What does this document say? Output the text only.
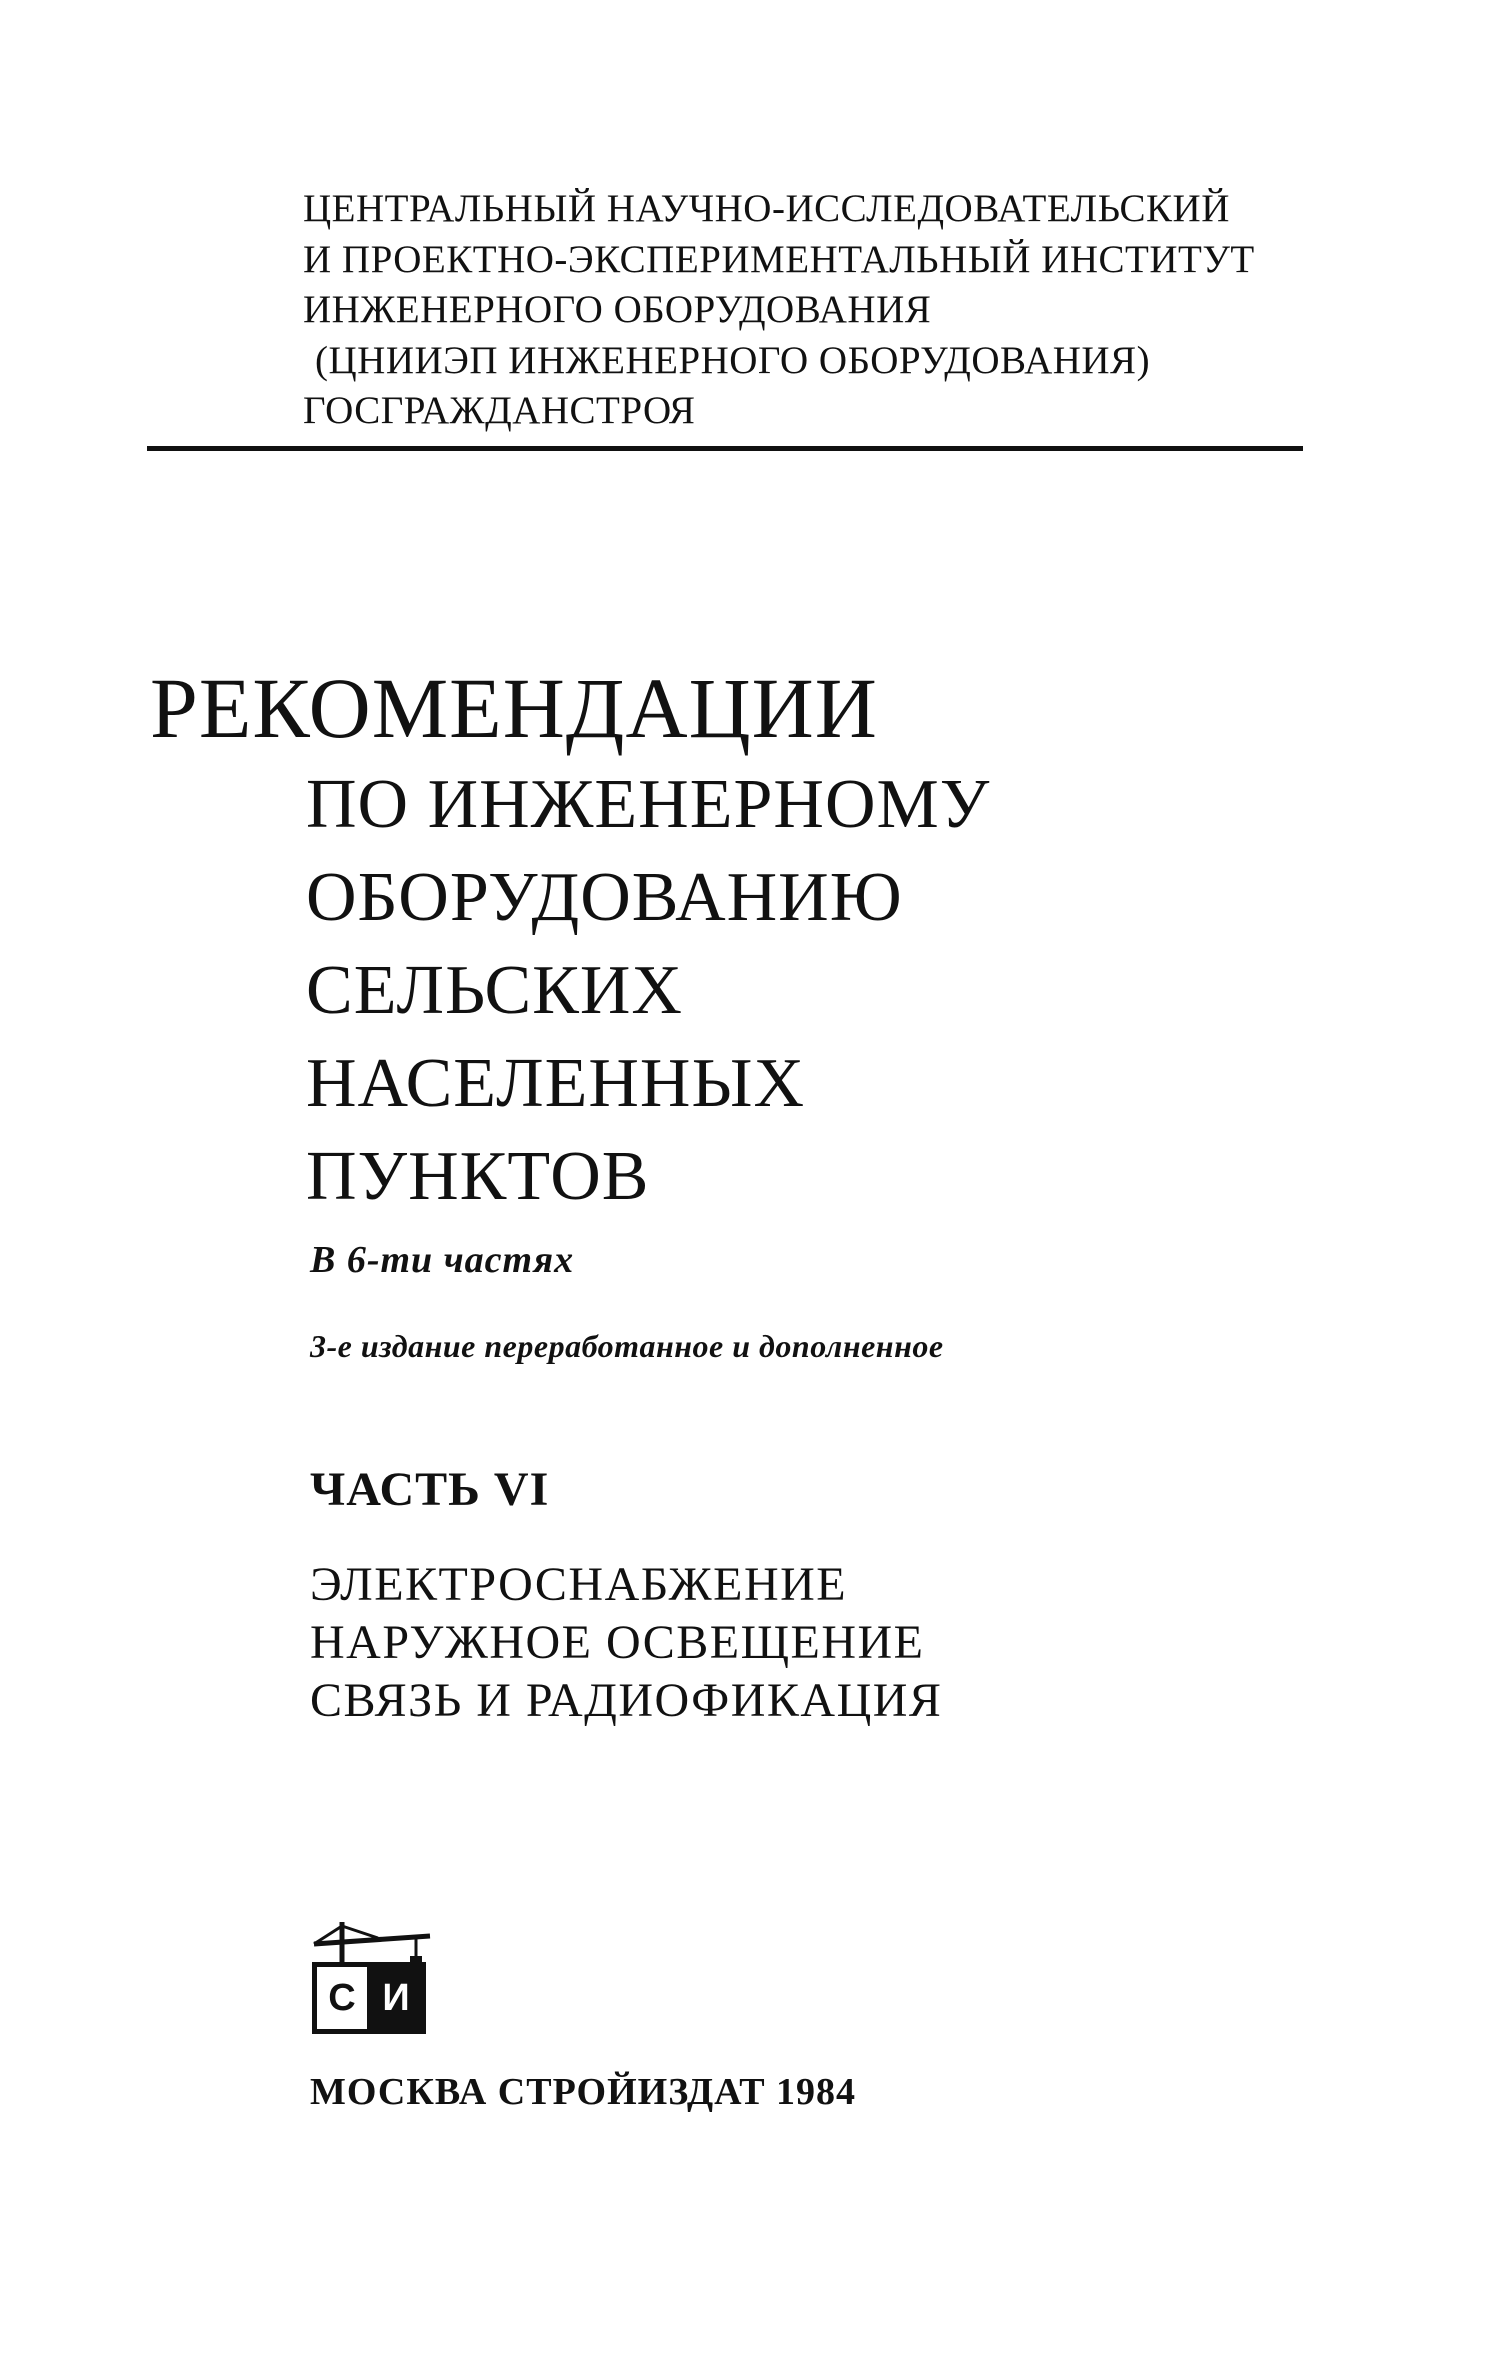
ЦЕНТРАЛЬНЫЙ НАУЧНО-ИССЛЕДОВАТЕЛЬСКИЙ
И ПРОЕКТНО-ЭКСПЕРИМЕНТАЛЬНЫЙ ИНСТИТУТ
ИНЖЕНЕРНОГО ОБОРУДОВАНИЯ
(ЦНИИЭП ИНЖЕНЕРНОГО ОБОРУДОВАНИЯ)
ГОСГРАЖДАНСТРОЯ
РЕКОМЕНДАЦИИ
ПО ИНЖЕНЕРНОМУ
ОБОРУДОВАНИЮ
СЕЛЬСКИХ
НАСЕЛЕННЫХ
ПУНКТОВ
В 6-ти частях
3-е издание переработанное и дополненное
ЧАСТЬ VI
ЭЛЕКТРОСНАБЖЕНИЕ
НАРУЖНОЕ ОСВЕЩЕНИЕ
СВЯЗЬ И РАДИОФИКАЦИЯ
С И
МОСКВА СТРОЙИЗДАТ 1984
